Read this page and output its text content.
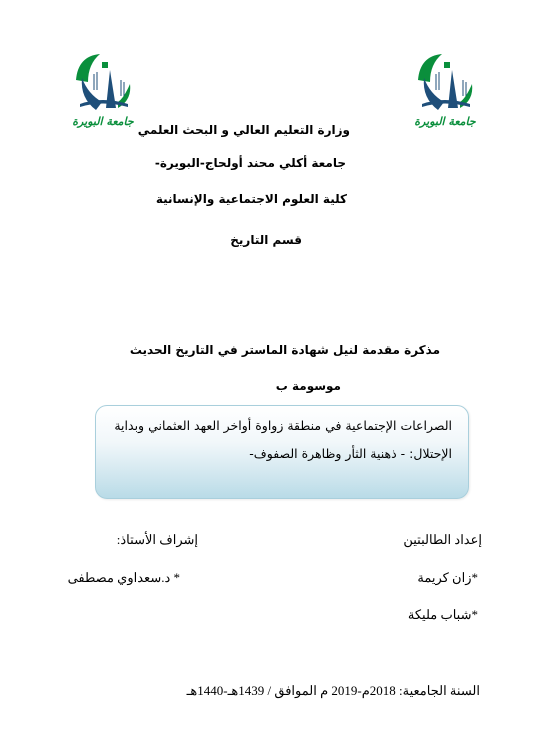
جامعة البويرة	جامعة البويرة
وزارة التعليم العالي و البحث العلمي
جامعة أكلي محند أولحاج-البويرة-
كلية العلوم الاجتماعية والإنسانية
قسم التاريخ
مذكرة مقدمة لنيل شهادة الماستر في التاريخ الحديث
موسومة ب
الصراعات الإجتماعية في منطقة زواوة أواخر العهد العثماني وبداية
الإحتلال: - ذهنية الثأر وظاهرة الصفوف-
إعداد الطالبتين
إشراف الأستاذ:
*زان كريمة
* د.سعداوي مصطفى
*شباب مليكة
السنة الجامعية: 2018م-2019 م الموافق / 1439هـ-1440هـ
